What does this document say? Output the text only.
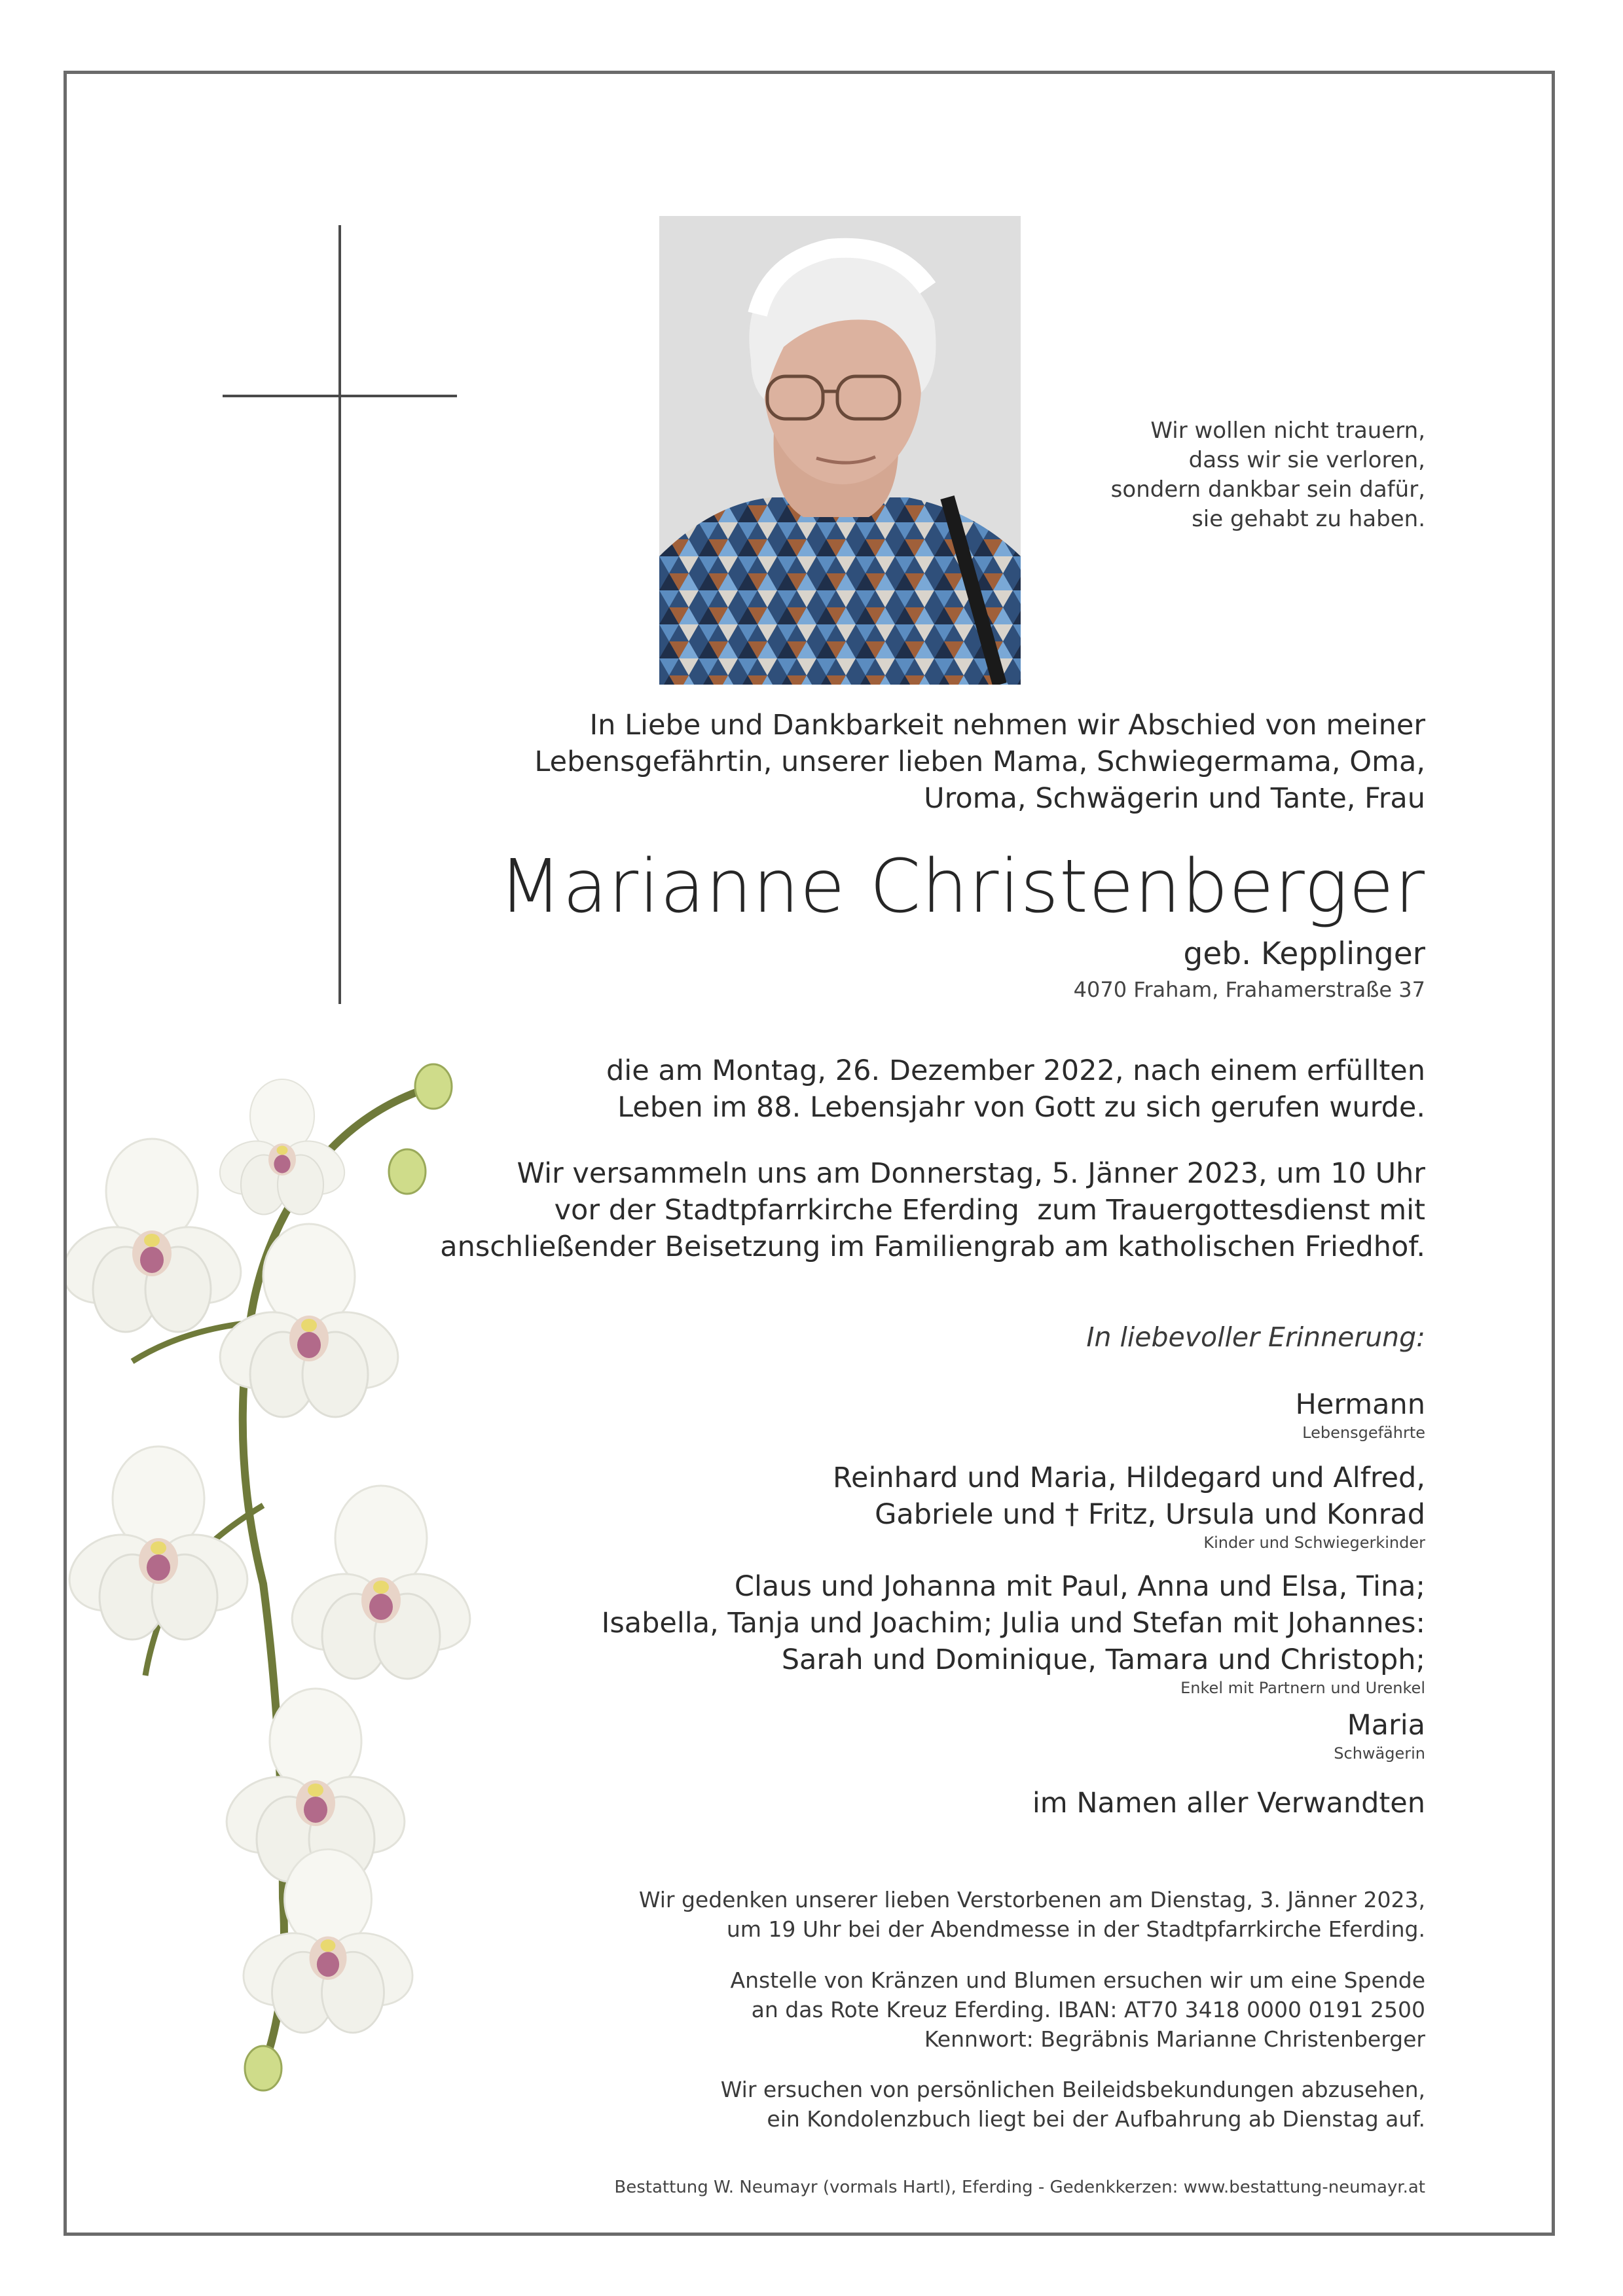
Wir wollen nicht trauern,

dass wir sie verloren,

sondern dankbar sein dafür,

sie gehabt zu haben.

In Liebe und Dankbarkeit nehmen wir Abschied von meiner

Lebensgefährtin, unserer lieben Mama, Schwiegermama, Oma,

Uroma, Schwägerin und Tante, Frau

Marianne Christenberger
geb. Kepplinger
4070 Fraham, Frahamerstraße 37

die am Montag, 26. Dezember 2022, nach einem erfüllten

Leben im 88. Lebensjahr von Gott zu sich gerufen wurde.

Wir versammeln uns am Donnerstag, 5. Jänner 2023, um 10 Uhr

vor der Stadtpfarrkirche Eferding  zum Trauergottesdienst mit

anschließender Beisetzung im Familiengrab am katholischen Friedhof.

In liebevoller Erinnerung:

Hermann

Lebensgefährte

Reinhard und Maria, Hildegard und Alfred,

Gabriele und † Fritz, Ursula und Konrad

Kinder und Schwiegerkinder

Claus und Johanna mit Paul, Anna und Elsa, Tina;

Isabella, Tanja und Joachim; Julia und Stefan mit Johannes:

Sarah und Dominique, Tamara und Christoph;

Enkel mit Partnern und Urenkel

Maria

Schwägerin

im Namen aller Verwandten

Wir gedenken unserer lieben Verstorbenen am Dienstag, 3. Jänner 2023,

um 19 Uhr bei der Abendmesse in der Stadtpfarrkirche Eferding.

Anstelle von Kränzen und Blumen ersuchen wir um eine Spende

an das Rote Kreuz Eferding. IBAN: AT70 3418 0000 0191 2500

Kennwort: Begräbnis Marianne Christenberger

Wir ersuchen von persönlichen Beileidsbekundungen abzusehen,

ein Kondolenzbuch liegt bei der Aufbahrung ab Dienstag auf.

Bestattung W. Neumayr (vormals Hartl), Eferding - Gedenkkerzen: www.bestattung-neumayr.at
